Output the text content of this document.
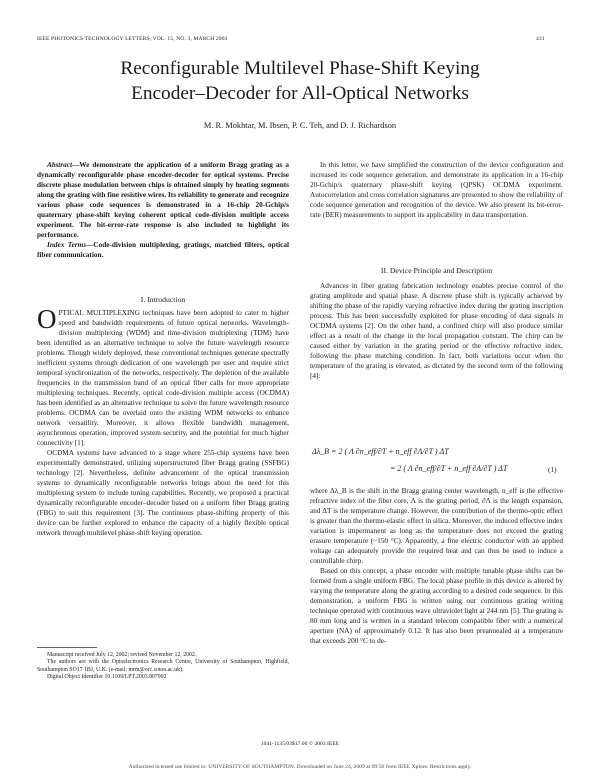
IEEE PHOTONICS TECHNOLOGY LETTERS, VOL. 15, NO. 3, MARCH 2003	431
Reconfigurable Multilevel Phase-Shift Keying
Encoder–Decoder for All-Optical Networks
M. R. Mokhtar, M. Ibsen, P. C. Teh, and D. J. Richardson

Abstract—We demonstrate the application of a uniform Bragg grating as a dynamically reconfigurable phase encoder-decoder for optical systems. Precise discrete phase modulation between chips is obtained simply by heating segments along the grating with fine resistive wires. Its reliability to generate and recognize various phase code sequences is demonstrated in a 16-chip 20-Gchip/s quaternary phase-shift keying coherent optical code-division multiple access experiment. The bit-error-rate response is also included to highlight its performance.

Index Terms—Code-division multiplexing, gratings, matched filters, optical fiber communication.

I. Introduction

OPTICAL MULTIPLEXING techniques have been adopted to cater to higher speed and bandwidth requirements of future optical networks. Wavelength-division multiplexing (WDM) and time-division multiplexing (TDM) have been identified as an alternative technique to solve the future wavelength resource problems. Though widely deployed, these conventional techniques generate spectrally inefficient systems through dedication of one wavelength per user and require strict temporal synchronization of the networks, respectively. The depletion of the available frequencies in the transmission band of an optical fiber calls for more appropriate multiplexing techniques. Recently, optical code-division multiple access (OCDMA) has been identified as an alternative technique to solve the future wavelength resource problems. OCDMA can be overlaid onto the existing WDM networks to enhance network versatility. Moreover, it allows flexible bandwidth management, asynchronous operation, improved system security, and the potential for much higher connectivity [1].

OCDMA systems have advanced to a stage where 255-chip systems have been experimentally demonstrated, utilizing superstructured fiber Bragg grating (SSFBG) technology [2]. Nevertheless, definite advancement of the optical transmission systems to dynamically reconfigurable networks brings about the need for this multiplexing system to include tuning capabilities. Recently, we proposed a practical dynamically reconfigurable encoder–decoder based on a uniform fiber Bragg grating (FBG) to suit this requirement [3]. The continuous phase-shifting property of this device can be further explored to enhance the capacity of a highly flexible optical network through multilevel phase-shift keying operation.

Manuscript received July 12, 2002; revised November 12, 2002.

The authors are with the Optoelectronics Research Centre, University of Southampton, Highfield, Southampton SO17 1BJ, U.K. (e-mail: mrm@orc.soton.ac.uk).

Digital Object Identifier 10.1109/LPT.2003.807902

In this letter, we have simplified the construction of the device configuration and increased its code sequence generation, and demonstrate its application in a 16-chip 20-Gchip/s quaternary phase-shift keying (QPSK) OCDMA experiment. Autocorrelation and cross correlation signatures are presented to show the reliability of code sequence generation and recognition of the device. We also present its bit-error-rate (BER) measurements to support its applicability in data transportation.

II. Device Principle and Description

Advances in fiber grating fabrication technology enables precise control of the grating amplitude and spatial phase. A discrete phase shift is typically achieved by shifting the phase of the rapidly varying refractive index during the grating inscription process. This has been successfully exploited for phase encoding of data signals in OCDMA systems [2]. On the other hand, a confined chirp will also produce similar effect as a result of the change in the local propagation constant. The chirp can be caused either by variation in the grating period or the effective refractive index, following the phase matching condition. In fact, both variations occur when the temperature of the grating is elevated, as dictated by the second term of the following [4]:

Δλ_B = 2 ( Λ ∂n_eff/∂T + n_eff ∂Λ/∂T ) ΔT
= 2 ( Λ ∂n_eff/∂T + n_eff ∂Λ/∂T ) ΔT	(1)

where Δλ_B is the shift in the Bragg grating center wavelength, n_eff is the effective refractive index of the fiber core, Λ is the grating period, ∂Λ is the length expansion, and ΔT is the temperature change. However, the contribution of the thermo-optic effect is greater than the thermo-elastic effect in silica. Moreover, the induced effective index variation is impermanent as long as the temperature does not exceed the grating erasure temperature (~150 °C). Apparently, a fine electric conductor with an applied voltage can adequately provide the required heat and can thus be used to induce a controllable chirp.

Based on this concept, a phase encoder with multiple tunable phase shifts can be formed from a single uniform FBG. The local phase profile in this device is altered by varying the temperature along the grating according to a desired code sequence. In this demonstration, a uniform FBG is written using our continuous grating writing technique operated with continuous wave ultraviolet light at 244 nm [5]. The grating is 80 mm long and is written in a standard telecom compatible fiber with a numerical aperture (NA) of approximately 0.12. It has also been preannealed at a temperature that exceeds 200 °C to de-

1041-1135/03$17.00 © 2003 IEEE
Authorized licensed use limited to: UNIVERSITY OF SOUTHAMPTON. Downloaded on June 24, 2009 at 09:50 from IEEE Xplore. Restrictions apply.
